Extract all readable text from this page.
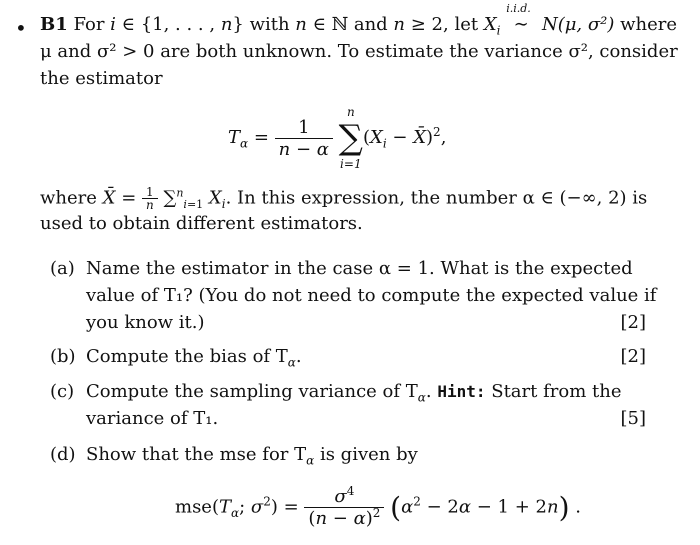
• B1 For i ∈ {1, . . . , n} with n ∈ ℕ and n ≥ 2, let $X_i$
i.i.d.
∼ N(μ, σ²) where
μ and σ² > 0 are both unknown. To estimate the variance σ², consider
the estimator
$T_\alpha = \frac{1}{n - \alpha}$

n
∑
i=1
($X_i$ − X̄)$^2$,
where X̄ = $\frac{1}{n} \sum^n_{i=1}$ $X_i$. In this expression, the number α ∈ (−∞, 2) is
used to obtain different estimators.
(a) Name the estimator in the case α = 1. What is the expected
value of T₁? (You do not need to compute the expected value if
you know it.)	[2]
(b) Compute the bias of $T_\alpha$.	[2]
(c) Compute the sampling variance of $T_\alpha$. Hint: Start from the
variance of T₁.	[5]
(d) Show that the mse for $T_\alpha$ is given by
$mse(T_\alpha$; $\sigma^2) = \frac{\sigma^4}{(n - \alpha)^2} (\alpha^2 - 2\alpha - 1 + 2n)$ .
